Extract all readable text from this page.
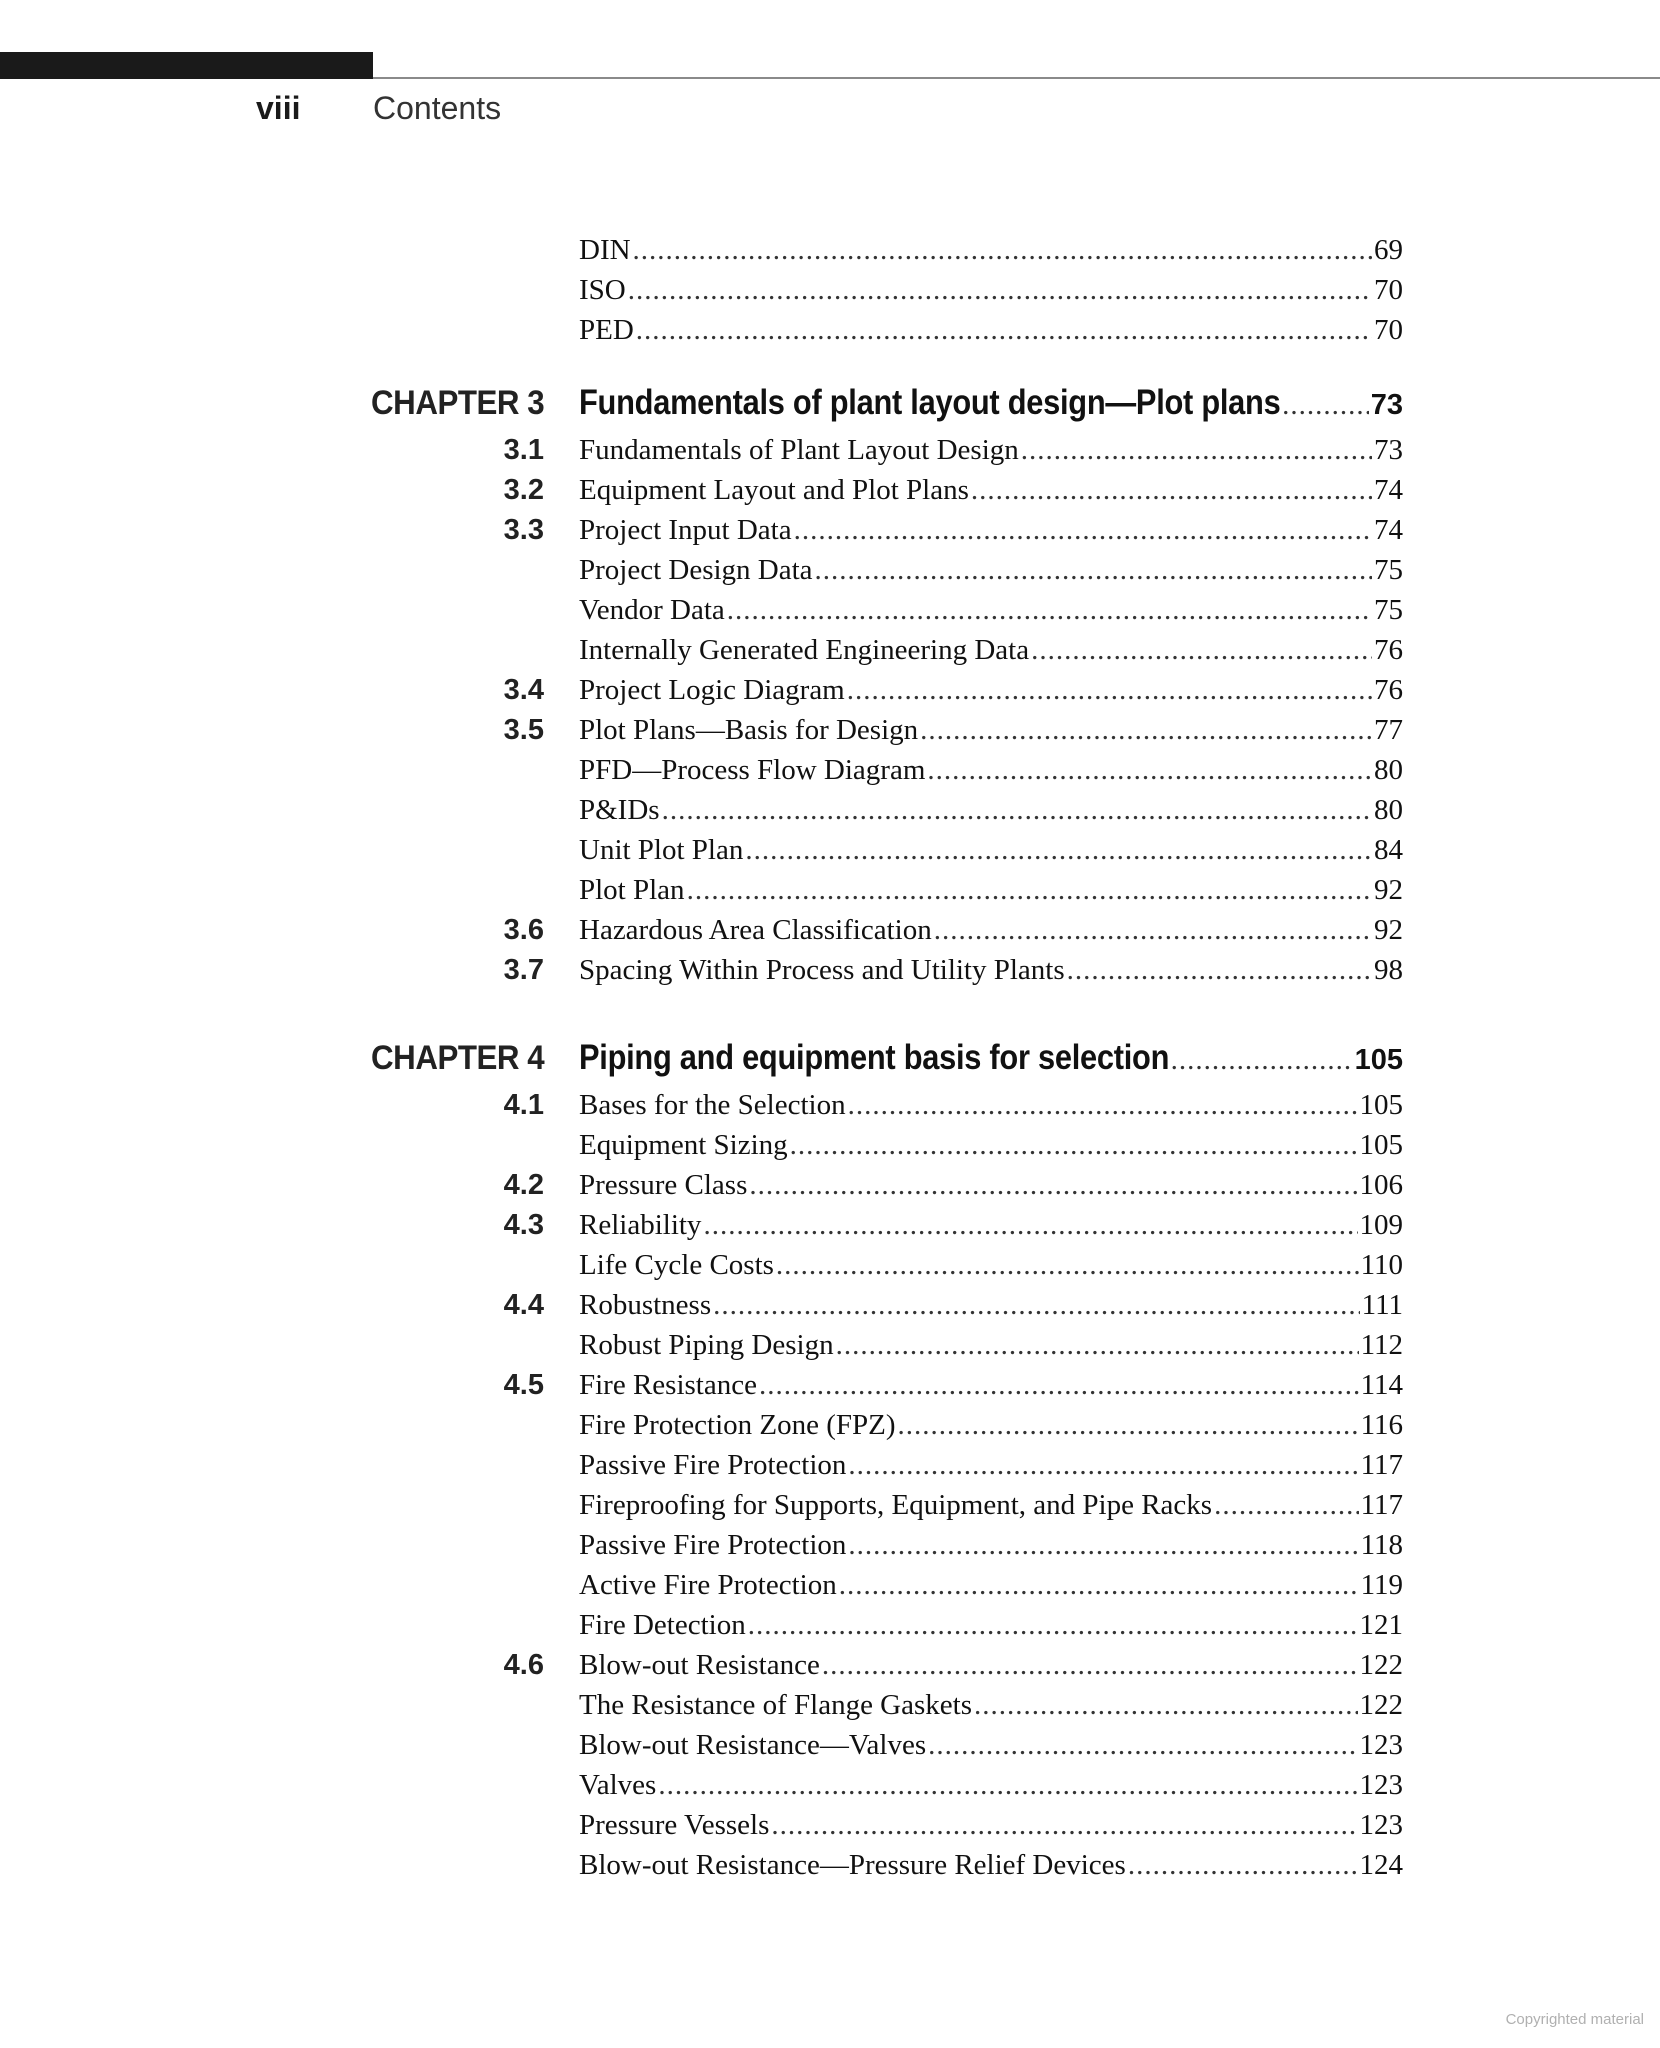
viii Contents
DIN .....	69
ISO .....	70
PED .....	70
CHAPTER 3 Fundamentals of plant layout design—Plot plans .....	73
3.1 Fundamentals of Plant Layout Design .....	73
3.2 Equipment Layout and Plot Plans .....	74
3.3 Project Input Data .....	74
Project Design Data .....	75
Vendor Data .....	75
Internally Generated Engineering Data .....	76
3.4 Project Logic Diagram .....	76
3.5 Plot Plans—Basis for Design .....	77
PFD—Process Flow Diagram .....	80
P&IDs .....	80
Unit Plot Plan .....	84
Plot Plan .....	92
3.6 Hazardous Area Classification .....	92
3.7 Spacing Within Process and Utility Plants .....	98
CHAPTER 4 Piping and equipment basis for selection .....	105
4.1 Bases for the Selection .....	105
Equipment Sizing .....	105
4.2 Pressure Class .....	106
4.3 Reliability .....	109
Life Cycle Costs .....	110
4.4 Robustness .....	111
Robust Piping Design .....	112
4.5 Fire Resistance .....	114
Fire Protection Zone (FPZ) .....	116
Passive Fire Protection .....	117
Fireproofing for Supports, Equipment, and Pipe Racks .....	117
Passive Fire Protection .....	118
Active Fire Protection .....	119
Fire Detection .....	121
4.6 Blow-out Resistance .....	122
The Resistance of Flange Gaskets .....	122
Blow-out Resistance—Valves .....	123
Valves .....	123
Pressure Vessels .....	123
Blow-out Resistance—Pressure Relief Devices .....	124
Copyrighted material
